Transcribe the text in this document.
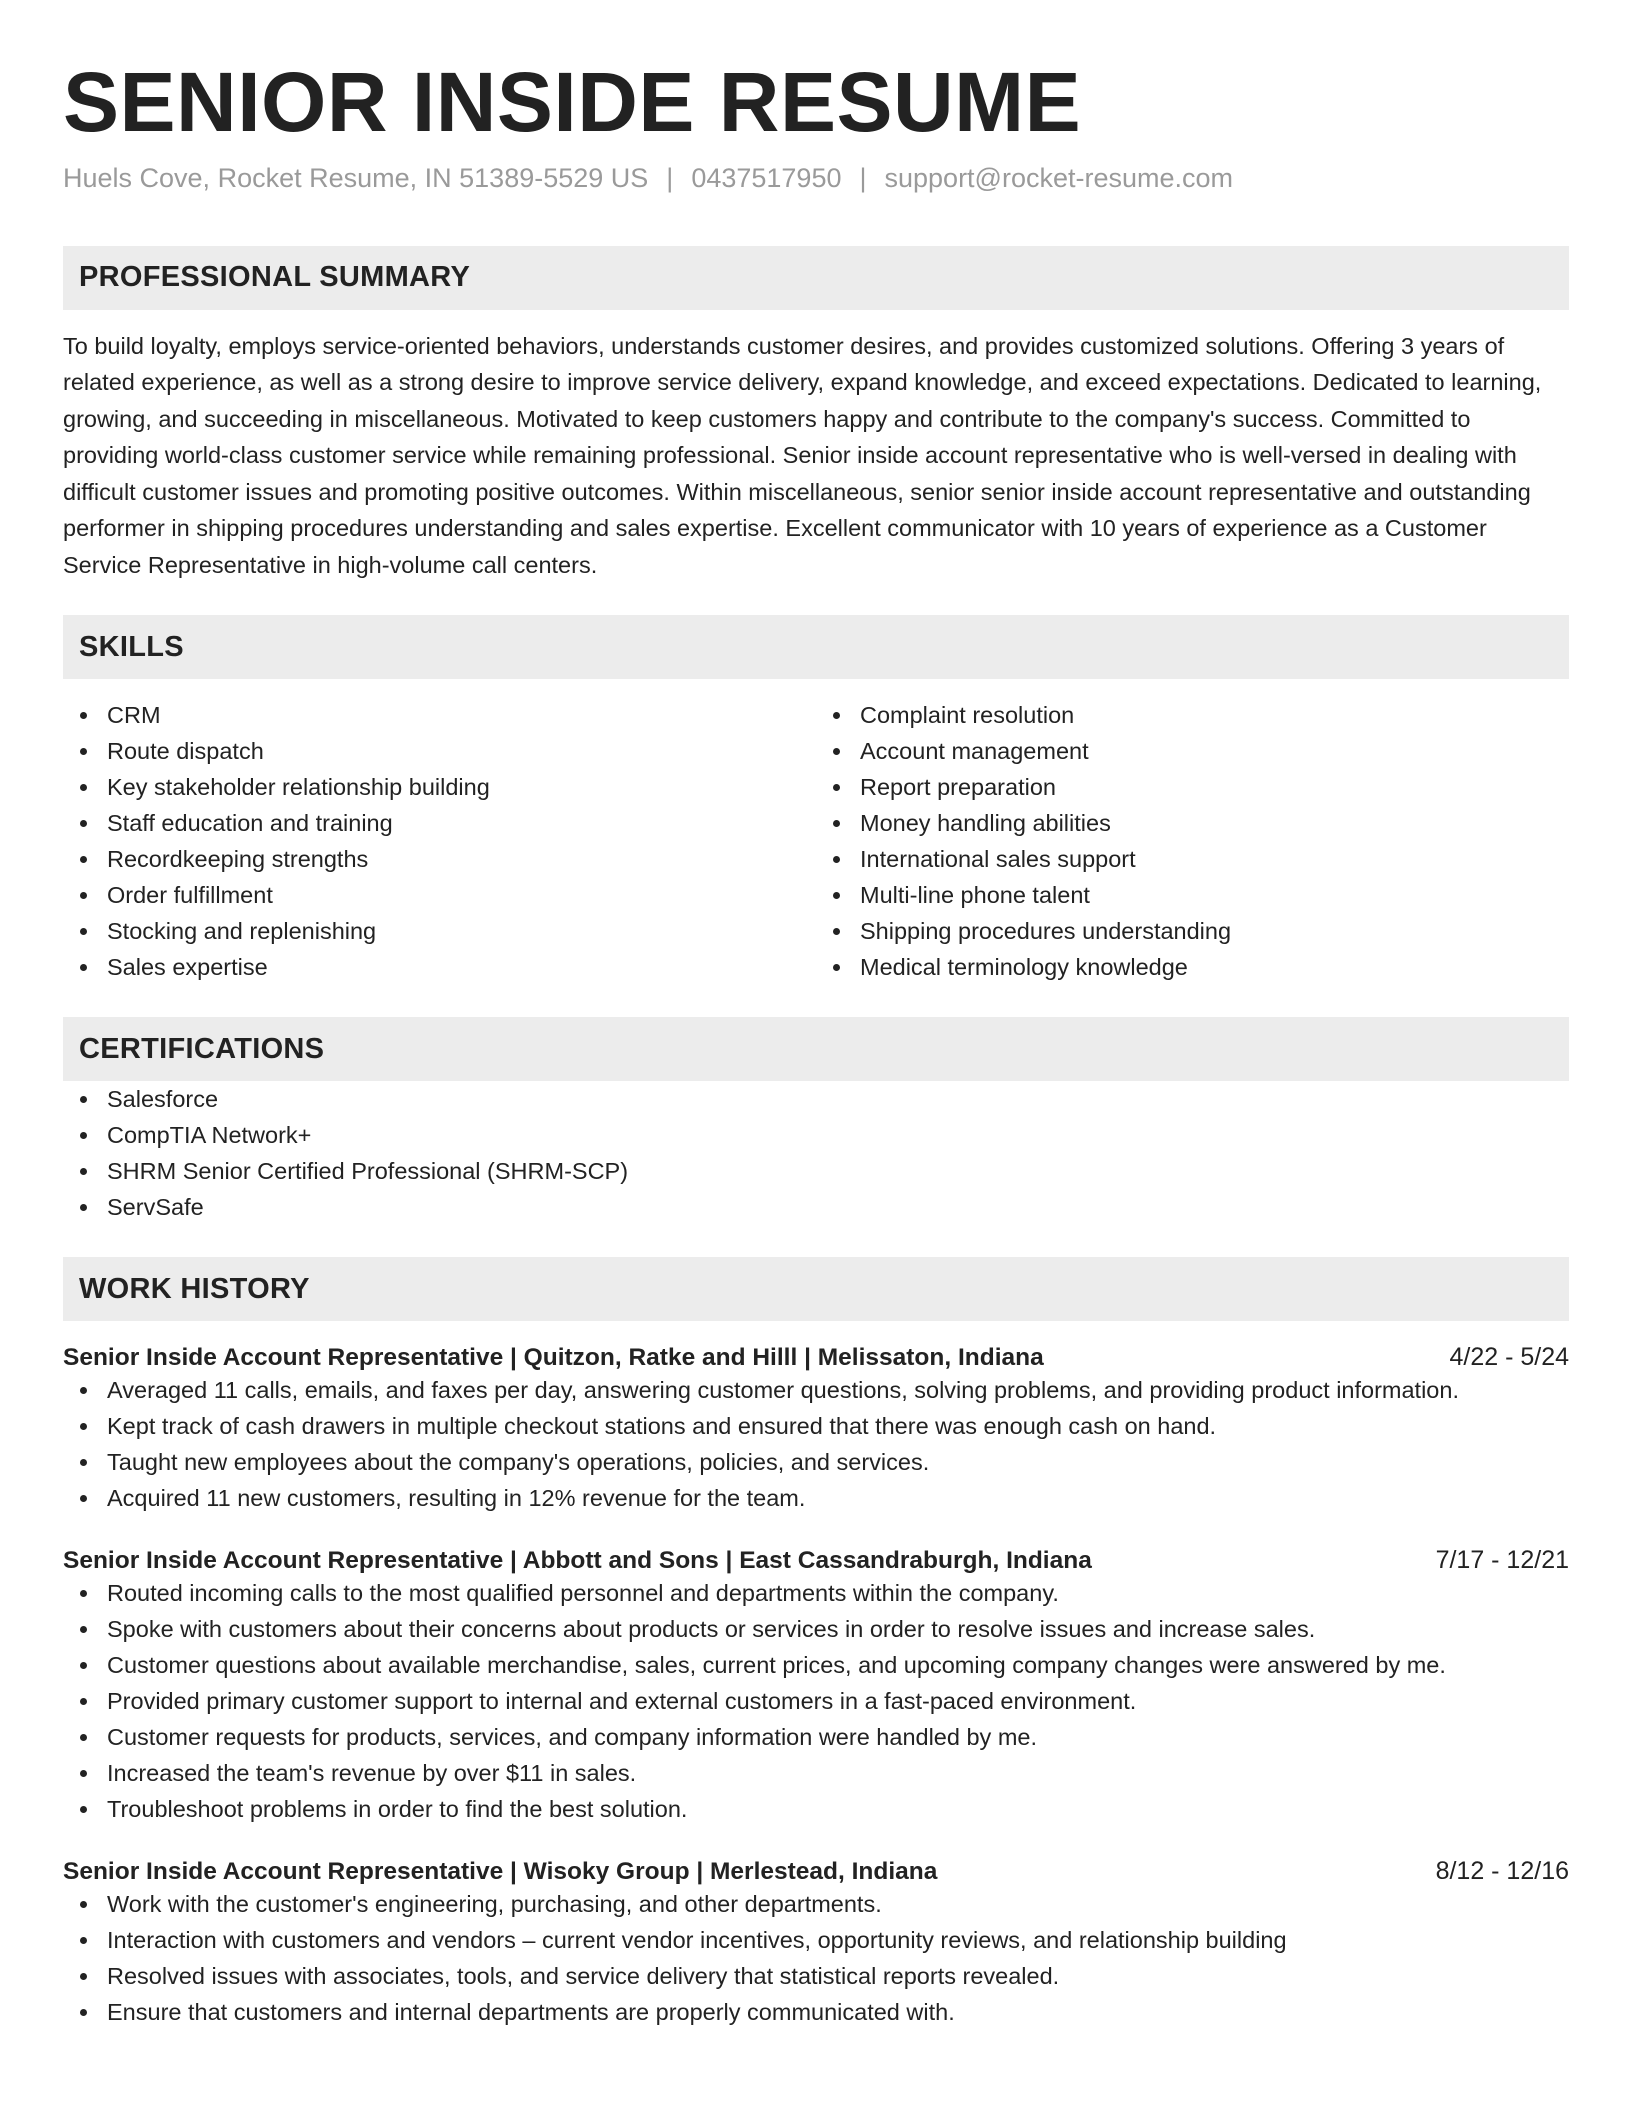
SENIOR INSIDE RESUME
Huels Cove, Rocket Resume, IN 51389-5529 US | 0437517950 | support@rocket-resume.com
PROFESSIONAL SUMMARY
To build loyalty, employs service-oriented behaviors, understands customer desires, and provides customized solutions. Offering 3 years of related experience, as well as a strong desire to improve service delivery, expand knowledge, and exceed expectations. Dedicated to learning, growing, and succeeding in miscellaneous. Motivated to keep customers happy and contribute to the company's success. Committed to providing world-class customer service while remaining professional. Senior inside account representative who is well-versed in dealing with difficult customer issues and promoting positive outcomes. Within miscellaneous, senior senior inside account representative and outstanding performer in shipping procedures understanding and sales expertise. Excellent communicator with 10 years of experience as a Customer Service Representative in high-volume call centers.
SKILLS
CRM
Route dispatch
Key stakeholder relationship building
Staff education and training
Recordkeeping strengths
Order fulfillment
Stocking and replenishing
Sales expertise
Complaint resolution
Account management
Report preparation
Money handling abilities
International sales support
Multi-line phone talent
Shipping procedures understanding
Medical terminology knowledge
CERTIFICATIONS
Salesforce
CompTIA Network+
SHRM Senior Certified Professional (SHRM-SCP)
ServSafe
WORK HISTORY
Senior Inside Account Representative | Quitzon, Ratke and Hilll | Melissaton, Indiana	4/22 - 5/24
Averaged 11 calls, emails, and faxes per day, answering customer questions, solving problems, and providing product information.
Kept track of cash drawers in multiple checkout stations and ensured that there was enough cash on hand.
Taught new employees about the company's operations, policies, and services.
Acquired 11 new customers, resulting in 12% revenue for the team.
Senior Inside Account Representative | Abbott and Sons | East Cassandraburgh, Indiana	7/17 - 12/21
Routed incoming calls to the most qualified personnel and departments within the company.
Spoke with customers about their concerns about products or services in order to resolve issues and increase sales.
Customer questions about available merchandise, sales, current prices, and upcoming company changes were answered by me.
Provided primary customer support to internal and external customers in a fast-paced environment.
Customer requests for products, services, and company information were handled by me.
Increased the team's revenue by over $11 in sales.
Troubleshoot problems in order to find the best solution.
Senior Inside Account Representative | Wisoky Group | Merlestead, Indiana	8/12 - 12/16
Work with the customer's engineering, purchasing, and other departments.
Interaction with customers and vendors – current vendor incentives, opportunity reviews, and relationship building
Resolved issues with associates, tools, and service delivery that statistical reports revealed.
Ensure that customers and internal departments are properly communicated with.
